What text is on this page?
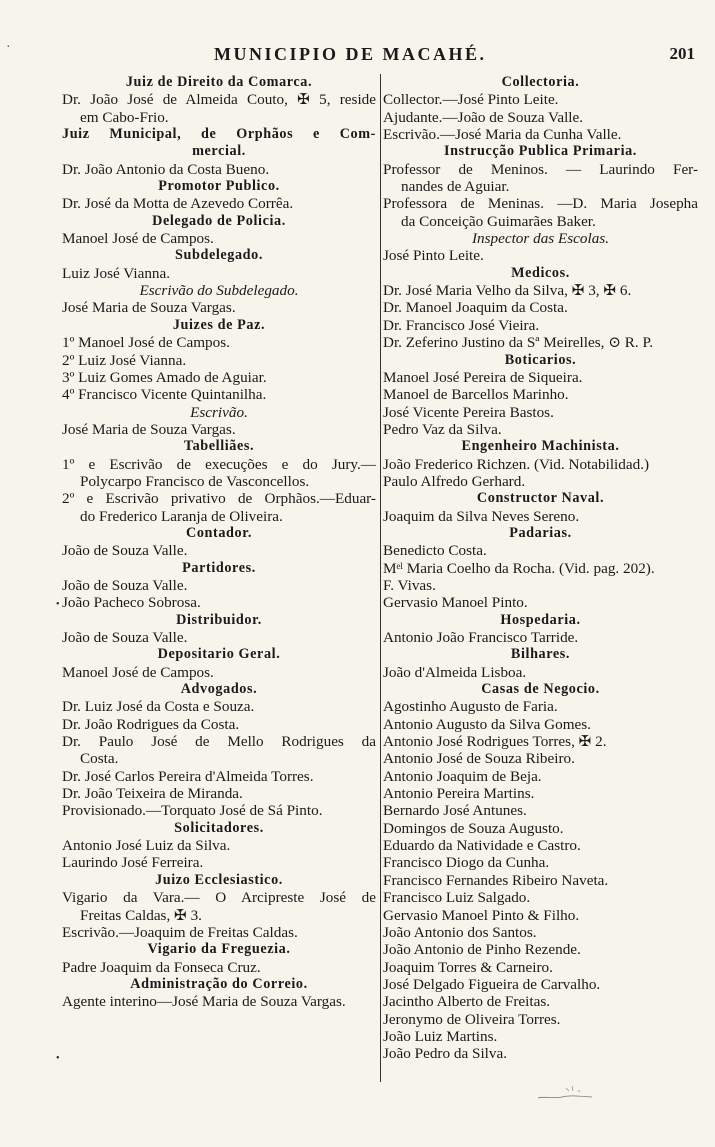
MUNICIPIO DE MACAHÉ.	201
Juiz de Direito da Comarca.
Dr. João José de Almeida Couto, ✠ 5, reside
em Cabo-Frio.
Juiz Municipal, de Orphãos e Com-
mercial.
Dr. João Antonio da Costa Bueno.
Promotor Publico.
Dr. José da Motta de Azevedo Corrêa.
Delegado de Policia.
Manoel José de Campos.
Subdelegado.
Luiz José Vianna.
Escrivão do Subdelegado.
José Maria de Souza Vargas.
Juizes de Paz.
1º Manoel José de Campos.
2º Luiz José Vianna.
3º Luiz Gomes Amado de Aguiar.
4º Francisco Vicente Quintanilha.
Escrivão.
José Maria de Souza Vargas.
Tabelliães.
1º e Escrivão de execuções e do Jury.—
Polycarpo Francisco de Vasconcellos.
2º e Escrivão privativo de Orphãos.—Eduar-
do Frederico Laranja de Oliveira.
Contador.
João de Souza Valle.
Partidores.
João de Souza Valle.
João Pacheco Sobrosa.
Distribuidor.
João de Souza Valle.
Depositario Geral.
Manoel José de Campos.
Advogados.
Dr. Luiz José da Costa e Souza.
Dr. João Rodrigues da Costa.
Dr. Paulo José de Mello Rodrigues da
Costa.
Dr. José Carlos Pereira d'Almeida Torres.
Dr. João Teixeira de Miranda.
Provisionado.—Torquato José de Sá Pinto.
Solicitadores.
Antonio José Luiz da Silva.
Laurindo José Ferreira.
Juizo Ecclesiastico.
Vigario da Vara.— O Arcipreste José de
Freitas Caldas, ✠ 3.
Escrivão.—Joaquim de Freitas Caldas.
Vigario da Freguezia.
Padre Joaquim da Fonseca Cruz.
Administração do Correio.
Agente interino—José Maria de Souza Vargas.
Collectoria.
Collector.—José Pinto Leite.
Ajudante.—João de Souza Valle.
Escrivão.—José Maria da Cunha Valle.
Instrucção Publica Primaria.
Professor de Meninos. — Laurindo Fer-
nandes de Aguiar.
Professora de Meninas. —D. Maria Josepha
da Conceição Guimarães Baker.
Inspector das Escolas.
José Pinto Leite.
Medicos.
Dr. José Maria Velho da Silva, ✠ 3, ✠ 6.
Dr. Manoel Joaquim da Costa.
Dr. Francisco José Vieira.
Dr. Zeferino Justino da Sª Meirelles, ⊙ R. P.
Boticarios.
Manoel José Pereira de Siqueira.
Manoel de Barcellos Marinho.
José Vicente Pereira Bastos.
Pedro Vaz da Silva.
Engenheiro Machinista.
João Frederico Richzen. (Vid. Notabilidad.)
Paulo Alfredo Gerhard.
Constructor Naval.
Joaquim da Silva Neves Sereno.
Padarias.
Benedicto Costa.
Mᵉˡ Maria Coelho da Rocha. (Vid. pag. 202).
F. Vivas.
Gervasio Manoel Pinto.
Hospedaria.
Antonio João Francisco Tarride.
Bilhares.
João d'Almeida Lisboa.
Casas de Negocio.
Agostinho Augusto de Faria.
Antonio Augusto da Silva Gomes.
Antonio José Rodrigues Torres, ✠ 2.
Antonio José de Souza Ribeiro.
Antonio Joaquim de Beja.
Antonio Pereira Martins.
Bernardo José Antunes.
Domingos de Souza Augusto.
Eduardo da Natividade e Castro.
Francisco Diogo da Cunha.
Francisco Fernandes Ribeiro Naveta.
Francisco Luiz Salgado.
Gervasio Manoel Pinto & Filho.
João Antonio dos Santos.
João Antonio de Pinho Rezende.
Joaquim Torres & Carneiro.
José Delgado Figueira de Carvalho.
Jacintho Alberto de Freitas.
Jeronymo de Oliveira Torres.
João Luiz Martins.
João Pedro da Silva.
·
•
•
